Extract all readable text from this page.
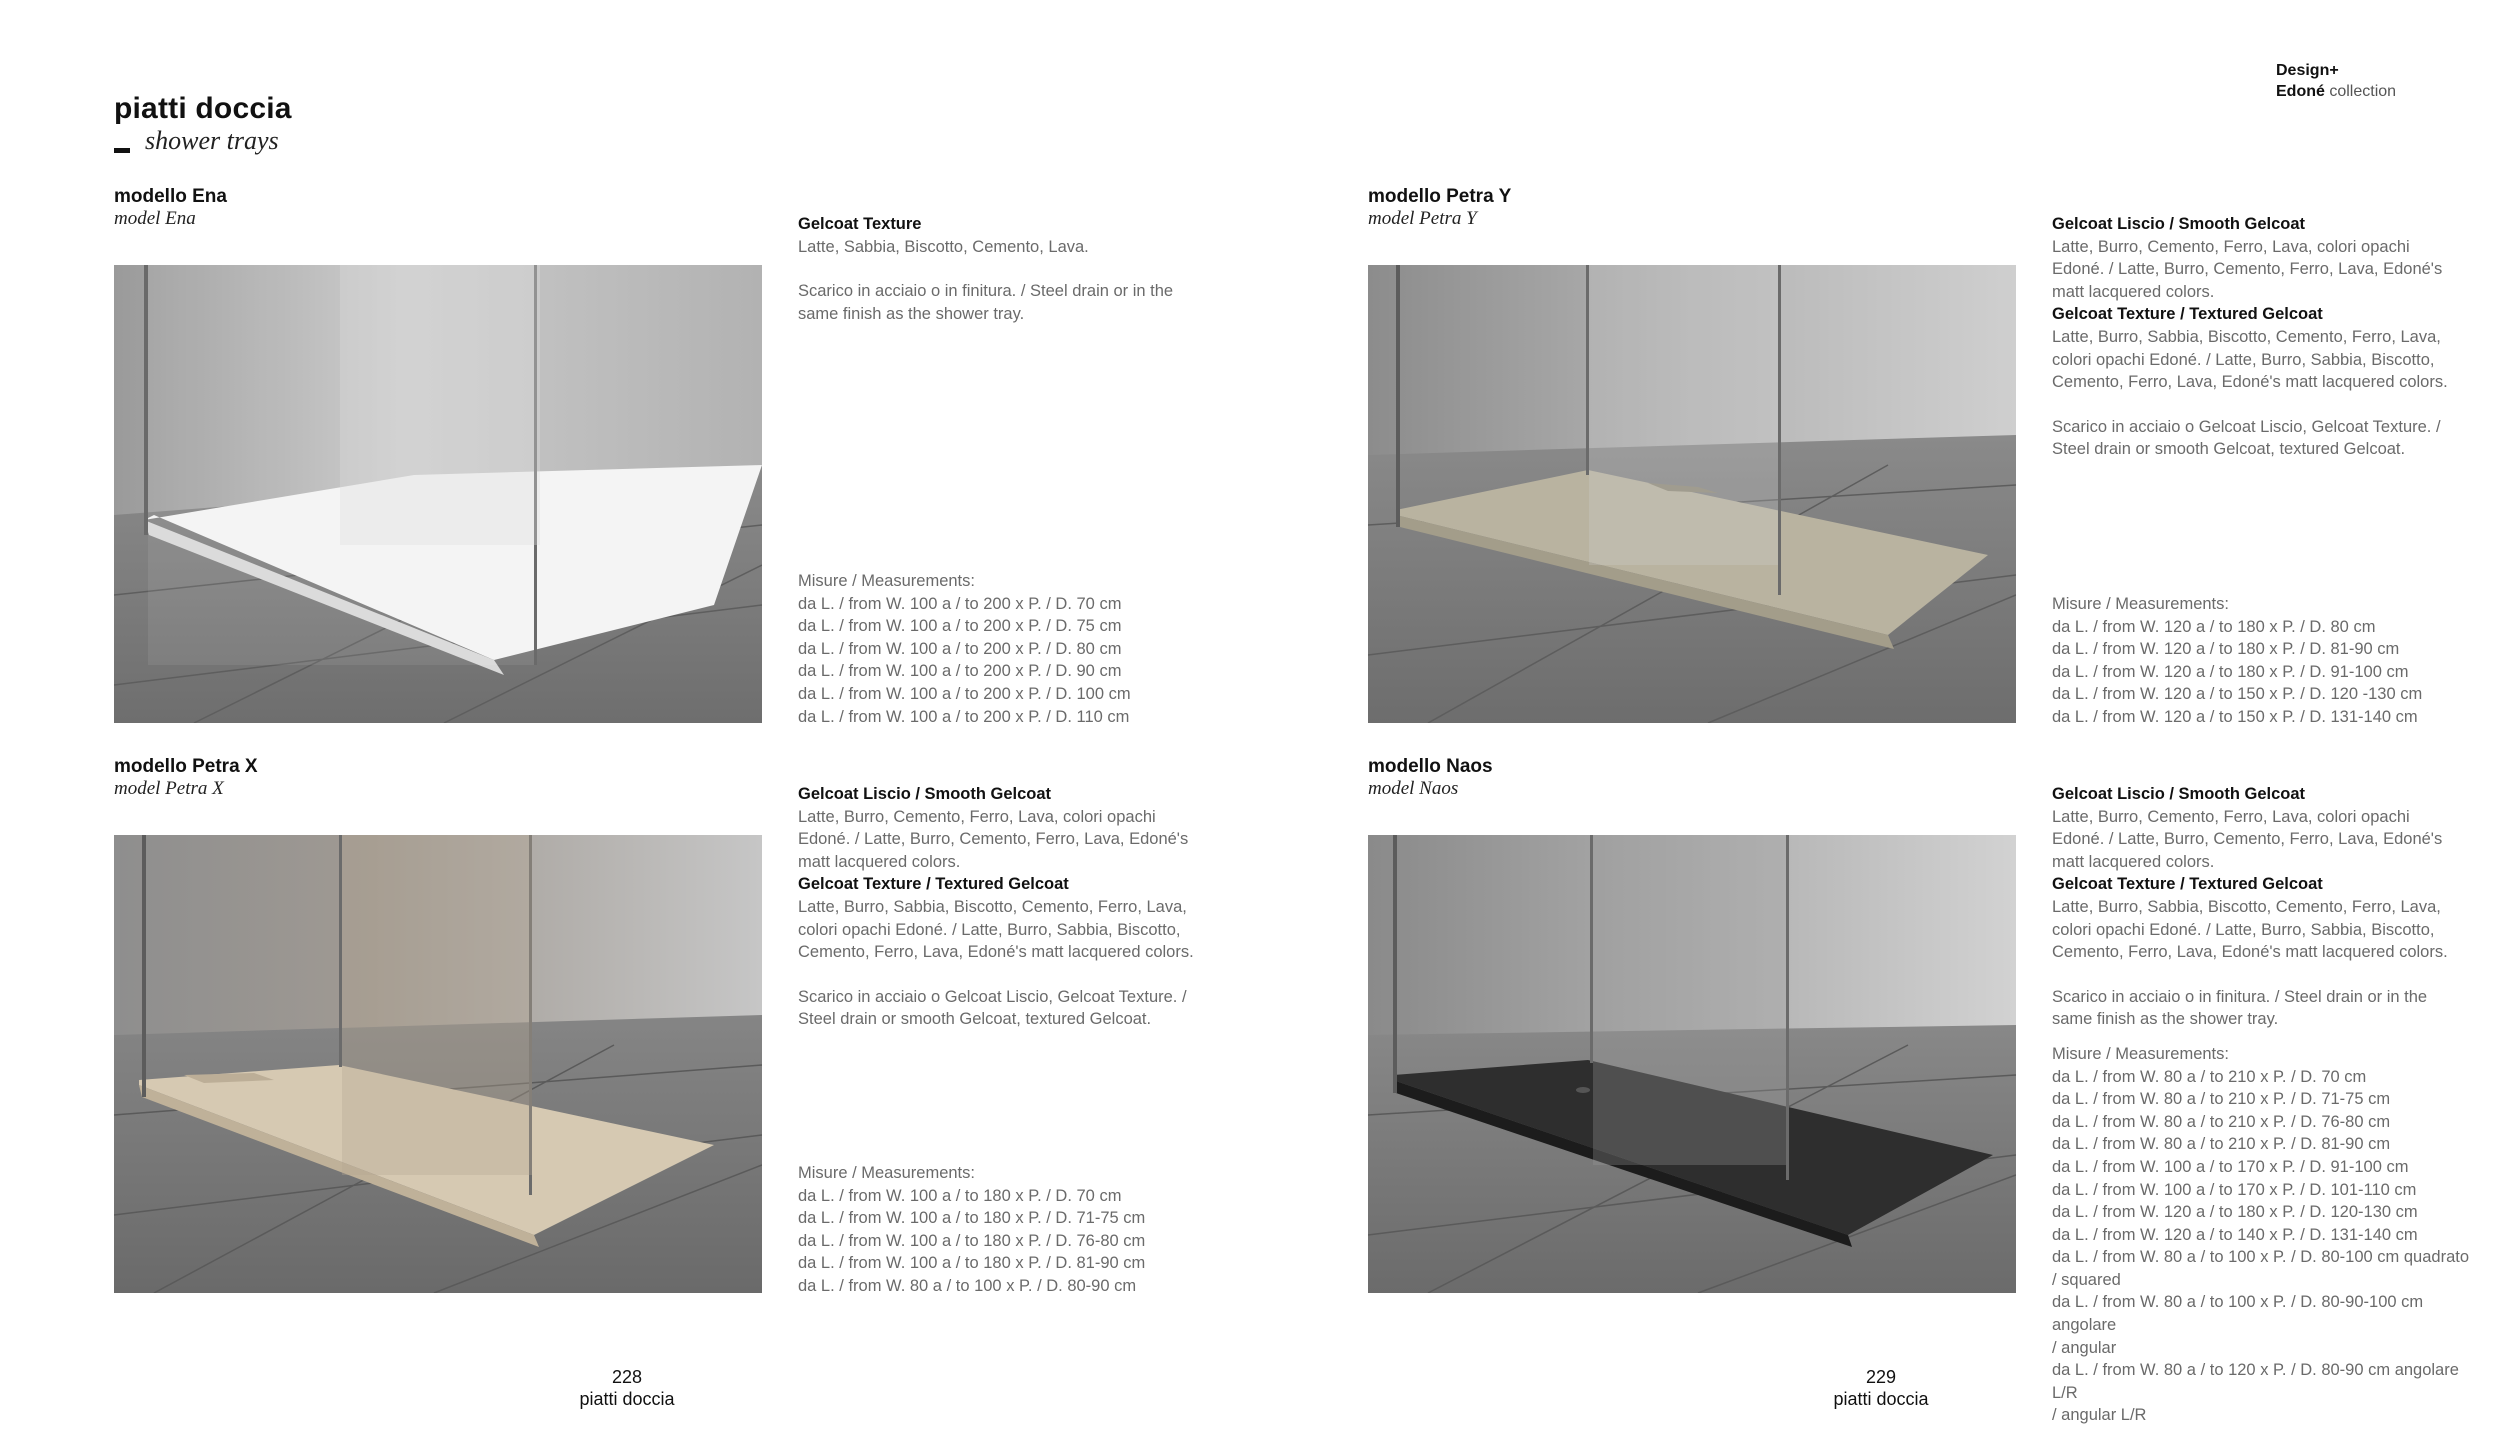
piatti doccia
shower trays
Design+
Edoné collection
modello Ena
model Ena	Gelcoat Texture

Latte, Sabbia, Biscotto, Cemento, Lava.

Scarico in acciaio o in finitura. / Steel drain or in the

same finish as the shower tray.

Misure / Measurements:

da L. / from W. 100 a / to 200 x P. / D. 70 cm

da L. / from W. 100 a / to 200 x P. / D. 75 cm

da L. / from W. 100 a / to 200 x P. / D. 80 cm

da L. / from W. 100 a / to 200 x P. / D. 90 cm

da L. / from W. 100 a / to 200 x P. / D. 100 cm

da L. / from W. 100 a / to 200 x P. / D. 110 cm

modello Petra X
model Petra X	Gelcoat Liscio / Smooth Gelcoat

Latte, Burro, Cemento, Ferro, Lava, colori opachi

Edoné. / Latte, Burro, Cemento, Ferro, Lava, Edoné's

matt lacquered colors.

Gelcoat Texture / Textured Gelcoat

Latte, Burro, Sabbia, Biscotto, Cemento, Ferro, Lava,

colori opachi Edoné. / Latte, Burro, Sabbia, Biscotto,

Cemento, Ferro, Lava, Edoné's matt lacquered colors.

Scarico in acciaio o Gelcoat Liscio, Gelcoat Texture. /

Steel drain or smooth Gelcoat, textured Gelcoat.

Misure / Measurements:

da L. / from W. 100 a / to 180 x P. / D. 70 cm

da L. / from W. 100 a / to 180 x P. / D. 71-75 cm

da L. / from W. 100 a / to 180 x P. / D. 76-80 cm

da L. / from W. 100 a / to 180 x P. / D. 81-90 cm

da L. / from W. 80 a / to 100 x P. / D. 80-90 cm

modello Petra Y
model Petra Y	Gelcoat Liscio / Smooth Gelcoat

Latte, Burro, Cemento, Ferro, Lava, colori opachi

Edoné. / Latte, Burro, Cemento, Ferro, Lava, Edoné's

matt lacquered colors.

Gelcoat Texture / Textured Gelcoat

Latte, Burro, Sabbia, Biscotto, Cemento, Ferro, Lava,

colori opachi Edoné. / Latte, Burro, Sabbia, Biscotto,

Cemento, Ferro, Lava, Edoné's matt lacquered colors.

Scarico in acciaio o Gelcoat Liscio, Gelcoat Texture. /

Steel drain or smooth Gelcoat, textured Gelcoat.

Misure / Measurements:

da L. / from W. 120 a / to 180 x P. / D. 80 cm

da L. / from W. 120 a / to 180 x P. / D. 81-90 cm

da L. / from W. 120 a / to 180 x P. / D. 91-100 cm

da L. / from W. 120 a / to 150 x P. / D. 120 -130 cm

da L. / from W. 120 a / to 150 x P. / D. 131-140 cm

modello Naos
model Naos	Gelcoat Liscio / Smooth Gelcoat

Latte, Burro, Cemento, Ferro, Lava, colori opachi

Edoné. / Latte, Burro, Cemento, Ferro, Lava, Edoné's

matt lacquered colors.

Gelcoat Texture / Textured Gelcoat

Latte, Burro, Sabbia, Biscotto, Cemento, Ferro, Lava,

colori opachi Edoné. / Latte, Burro, Sabbia, Biscotto,

Cemento, Ferro, Lava, Edoné's matt lacquered colors.

Scarico in acciaio o in finitura. / Steel drain or in the

same finish as the shower tray.

Misure / Measurements:

da L. / from W. 80 a / to 210 x P. / D. 70 cm

da L. / from W. 80 a / to 210 x P. / D. 71-75 cm

da L. / from W. 80 a / to 210 x P. / D. 76-80 cm

da L. / from W. 80 a / to 210 x P. / D. 81-90 cm

da L. / from W. 100 a / to 170 x P. / D. 91-100 cm

da L. / from W. 100 a / to 170 x P. / D. 101-110 cm

da L. / from W. 120 a / to 180 x P. / D. 120-130 cm

da L. / from W. 120 a / to 140 x P. / D. 131-140 cm

da L. / from W. 80 a / to 100 x P. / D. 80-100 cm quadrato

/ squared

da L. / from W. 80 a / to 100 x P. / D. 80-90-100 cm angolare

/ angular

da L. / from W. 80 a / to 120 x P. / D. 80-90 cm angolare L/R

/ angular L/R

228
piatti doccia
229
piatti doccia
